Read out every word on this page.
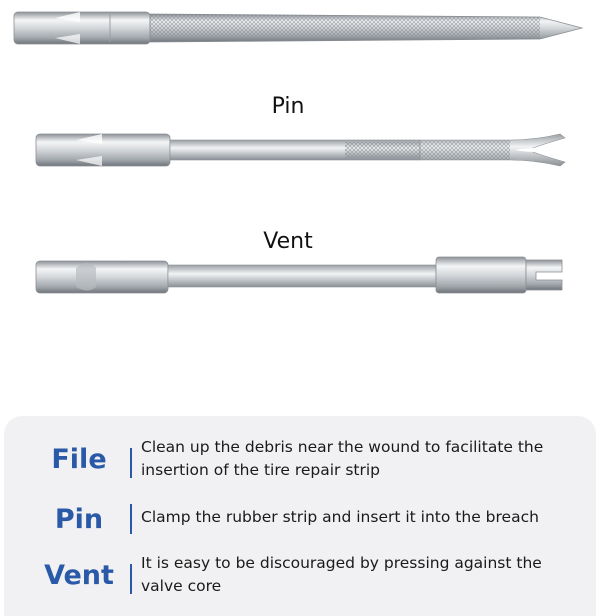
Pin
Vent
File	Clean up the debris near the wound to facilitate the insertion of the tire repair strip
Pin	Clamp the rubber strip and insert it into the breach
Vent	It is easy to be discouraged by pressing against the valve core
